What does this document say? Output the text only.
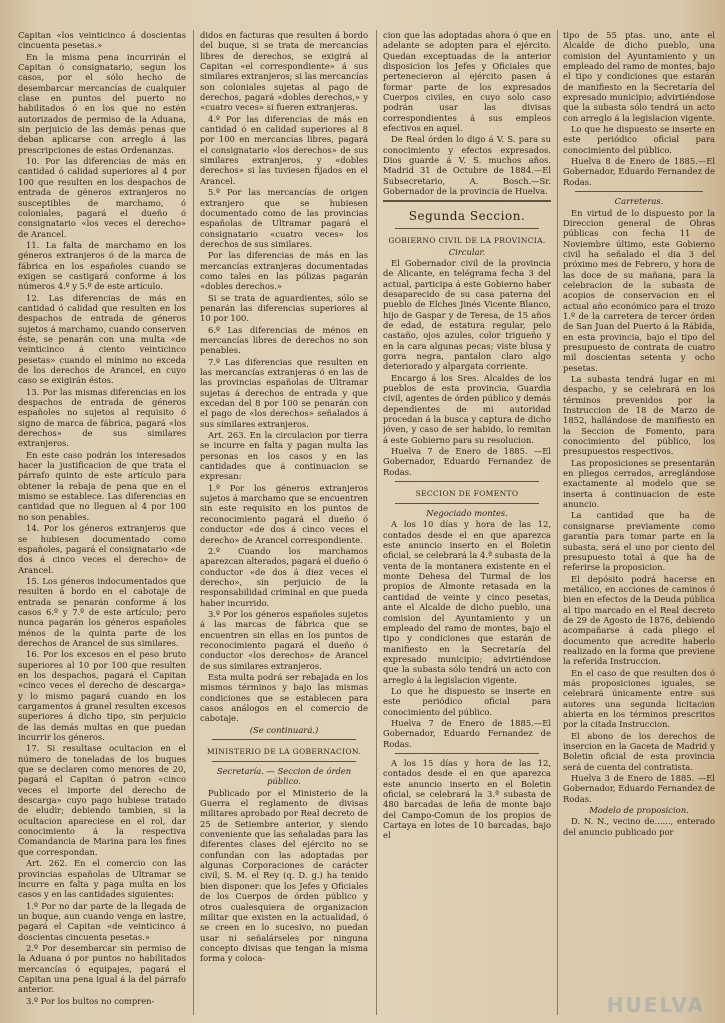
Capitan «los veinticinco á doscientas cincuenta pesetas.»

En la misma pena incurrirán el Capitan ó consignatario, segun los casos, por el sólo hecho de desembarcar mercancías de cualquier clase en puntos del puerto no habilitados ó en los que no estén autorizados de permiso de la Aduana, sin perjuicio de las demás penas que deban aplicarse con arreglo á las prescripciones de estas Ordenanzas.

10. Por las diferencias de más en cantidad ó calidad superiores al 4 por 100 que resulten en los despachos de entrada de géneros extranjeros no susceptibles de marchamo, ó coloniales, pagará el dueño ó consignatario «los veces el derecho» de Arancel.

11. La falta de marchamo en los géneros extranjeros ó de la marca de fábrica en los españoles cuando se exigen se castigará conforme á los números 4.º y 5.º de este artículo.

12. Las diferencias de más en cantidad ó calidad que resulten en los despachos de entrada de géneros sujetos á marchamo, cuando conserven éste, se penarán con una multa «de veinticinco á ciento veinticinco pesetas» cuando el mínimo no exceda de los derechos de Arancel, en cuyo caso se exigirán éstos.

13. Por las mismas diferencias en los despachos de entrada de géneros españoles no sujetos al requisito ó signo de marca de fábrica, pagará «los derechos» de sus similares extranjeros.

En este caso podrán los interesados hacer la justificacion de que trata el párrafo quinto de este artículo para obtener la rebaja de pena que en el mismo se establece. Las diferencias en cantidad que no lleguen al 4 por 100 no son penables.

14. Por los géneros extranjeros que se hubiesen documentado como españoles, pagará el consignatario «de dos á cinco veces el derecho» de Arancel.

15. Los géneros indocumentados que resulten á bordo en el cabotaje de entrada se penarán conforme á los casos 6.º y 7.º de este artículo; pero nunca pagarán los géneros españoles ménos de la quinta parte de los derechos de Arancel de sus similares.

16. Por los excesos en el peso bruto superiores al 10 por 100 que resulten en los despachos, pagará el Capitan «cinco veces el derecho de descarga» y lo mismo pagará cuando en los cargamentos á granel resulten excesos superiores á dicho tipo, sin perjuicio de las demás multas en que puedan incurrir los géneros.

17. Si resultase ocultacion en el número de toneladas de los buques que se declaren como menores de 20, pagará el Capitan ó patron «cinco veces el importe del derecho de descarga» cuyo pago hubiese tratado de eludir; debiendo tambien, si la ocultacion apareciese en el rol, dar conocimiento á la respectiva Comandancia de Marina para los fines que correspondan.

Art. 262. En el comercio con las provincias españolas de Ultramar se incurre en falta y paga multa en los casos y en las cantidades siguientes:

1.º Por no dar parte de la llegada de un buque, aun cuando venga en lastre, pagará el Capitan «de veinticinco á doscientas cincuenta pesetas.»

2.º Por desembarcar sin permiso de la Aduana ó por puntos no habilitados mercancías ó equipajes, pagará el Capitan una pena igual á la del párrafo anterior.

3.º Por los bultos no compren-

didos en facturas que resulten á bordo del buque, si se trata de mercancías libres de derechos, se exigirá al Capitan «el correspondiente» á sus similares extranjeros; si las mercancías son coloniales sujetas al pago de derechos, pagará «dobles derechos,» y «cuatro veces» si fueren extranjeras.

4.º Por las diferencias de más en cantidad ó en calidad superiores al 8 por 100 en mercancías libres, pagará el consignatario «los derechos» de sus similares extranjeros, y «dobles derechos» si las tuviesen fijados en el Arancel.

5.º Por las mercancías de origen extranjero que se hubiesen documentado como de las provincias españolas de Ultramar pagará el consignatario «cuatro veces» los derechos de sus similares.

Por las diferencias de más en las mercancías extranjeras documentadas como tales en las pólizas pagarán «dobles derechos.»

Si se trata de aguardientes, sólo se penarán las diferencias superiores al 10 por 100.

6.º Las diferencias de ménos en mercancías libres de derechos no son penables.

7.º Las diferencias que resulten en las mercancías extranjeras ó en las de las provincias españolas de Ultramar sujetas á derechos de entrada y que excedan del 8 por 100 se penarán con el pago de «los derechos» señalados á sus similares extranjeros.

Art. 263. En la circulacion por tierra se incurre en falta y pagan multa las personas en los casos y en las cantidades que á continuacion se expresan:

1.º Por los géneros extranjeros sujetos á marchamo que se encuentren sin este requisito en los puntos de reconocimiento pagará el dueño ó conductor «de dos á cinco veces el derecho» de Arancel correspondiente.

2.º Cuando los marchamos aparezcan alterados, pagará el dueño ó conductor «de dos á diez veces el derecho», sin perjuicio de la responsabilidad criminal en que pueda haber incurrido.

3.º Por los géneros españoles sujetos á las marcas de fábrica que se encuentren sin ellas en los puntos de reconocimiento pagará el dueño ó conductor «los derechos» de Arancel de sus similares extranjeros.

Esta multa podrá ser rebajada en los mismos términos y bajo las mismas condiciones que se establecen para casos análogos en el comercio de cabotaje.

(Se continuará.)

MINISTERIO DE LA GOBERNACION.

Secretaría. — Seccion de órden público.

Publicado por el Ministerio de la Guerra el reglamento de divisas militares aprobado por Real decreto de 25 de Setiembre anterior, y siendo conveniente que las señaladas para las diferentes clases del ejército no se confundan con las adoptadas por algunas Corporaciones de carácter civil, S. M. el Rey (q. D. g.) ha tenido bien disponer: que los Jefes y Oficiales de los Cuerpos de órden público y otros cualesquiera de organizacion militar que existen en la actualidad, ó se creen en lo sucesivo, no puedan usar ni señalárseles por ninguna concepto divisas que tengan la misma forma y coloca-

cion que las adoptadas ahora ó que en adelante se adopten para el ejército. Quedan exceptuadas de la anterior disposicion los Jefes y Oficiales que pertenecieron al ejército pasen á formar parte de los expresados Cuerpos civiles, en cuyo solo caso podrán usar las divisas correspondientes á sus empleos efectivos en aquel.

De Real órden lo digo á V. S. para su conocimiento y efectos expresados. Dios guarde á V. S. muchos años. Madrid 31 de Octubre de 1884.—El Subsecretario, A. Bosch.—Sr. Gobernador de la provincia de Huelva.

Segunda Seccion.
GOBIERNO CIVIL DE LA PROVINCIA.

Circular.

El Gobernador civil de la provincia de Alicante, en telégrama fecha 3 del actual, participa á este Gobierno haber desaparecido de su casa paterna del pueblo de Elches Jinés Vicente Blanco, hijo de Gaspar y de Teresa, de 15 años de edad, de estatura regular, pelo castaño, ojos azules, color trigueño y en la cara algunas pecas; viste blusa y gorra negra, pantalon claro algo deteriorado y alpargata corriente.

Encargo á los Sres. Alcaldes de los pueblos de esta provincia, Guardia civil, agentes de órden público y demás dependientes de mi autoridad procedan á la busca y captura de dicho jóven, y caso de ser habido, lo remitan á este Gobierno para su resolucion.

Huelva 7 de Enero de 1885. —El Gobernador, Eduardo Fernandez de Rodas.

SECCION DE FOMENTO

Negociado montes.

A los 10 días y hora de las 12, contados desde el en que aparezca este anuncio inserto en el Boletin oficial, se celebrará la 4.ª subasta de la venta de la montanera existente en el monte Dehesa del Turmal de los propios de Almonte retasada en la cantidad de veinte y cinco pesetas, ante el Alcalde de dicho pueblo, una comision del Ayuntamiento y un empleado del ramo de montes, bajo el tipo y condiciones que estarán de manifiesto en la Secretaría del expresado municipio; advirtiéndose que la subasta sólo tendrá un acto con arreglo á la legislacion vigente.

Lo que he dispuesto se inserte en este periódico oficial para conocimiento del público.

Huelva 7 de Enero de 1885.—El Gobernador, Eduardo Fernandez de Rodas.

A los 15 días y hora de las 12, contados desde el en que aparezca este anuncio inserto en el Boletin oficial, se celebrará la 3.ª subasta de 480 barcadas de leña de monte bajo del Campo-Comun de los propios de Cartaya en lotes de 10 barcadas, bajo el

tipo de 55 ptas. uno, ante el Alcalde de dicho pueblo, una comision del Ayuntamiento y un empleado del ramo de montes, bajo el tipo y condiciones que estarán de manifiesto en la Secretaría del expresado municipio; advirtiéndose que la subasta sólo tendrá un acto con arreglo á la legislacion vigente.

Lo que he dispuesto se inserte en este periódico oficial para conocimiento del público.

Huelva 8 de Enero de 1885.—El Gobernador, Eduardo Fernandez de Rodas.

Carreteras.

En virtud de lo dispuesto por la Direccion general de Obras públicas con fecha 11 de Noviembre último, este Gobierno civil ha señalado el dia 3 del próximo mes de Febrero, y hora de las doce de su mañana, para la celebracion de la subasta de acopios de conservacion en el actual año económico para el trozo 1.º de la carretera de tercer órden de San Juan del Puerto á la Rábida, en esta provincia, bajo el tipo del presupuesto de contrata de cuatro mil doscientas setenta y ocho pesetas.

La subasta tendrá lugar en mi despacho, y se celebrará en los términos prevenidos por la Instruccion de 18 de Marzo de 1852, hallándose de manifiesto en la Seccion de Fomento, para conocimiento del público, los presupuestos respectivos.

Las proposiciones se presentarán en pliegos cerrados, arreglándose exactamente al modelo que se inserta á continuacion de este anuncio.

La cantidad que ha de consignarse previamente como garantía para tomar parte en la subasta, será el uno por ciento del presupuesto total á que ha de referirse la proposicion.

El depósito podrá hacerse en metálico, en acciones de caminos ó bien en efectos de la Deuda pública al tipo marcado en el Real decreto de 29 de Agosto de 1876, debiendo acompañarse á cada pliego el documento que acredite haberlo realizado en la forma que previene la referida Instruccion.

En el caso de que resulten dos ó más proposiciones iguales, se celebrará únicamente entre sus autores una segunda licitacion abierta en los términos prescritos por la citada Instruccion.

El abono de los derechos de insercion en la Gaceta de Madrid y Boletin oficial de esta provincia será de cuenta del contratista.

Huelva 3 de Enero de 1885. —El Gobernador, Eduardo Fernandez de Rodas.

Modelo de proposicion.

D. N. N., vecino de......, enterado del anuncio publicado por

HUELVA
